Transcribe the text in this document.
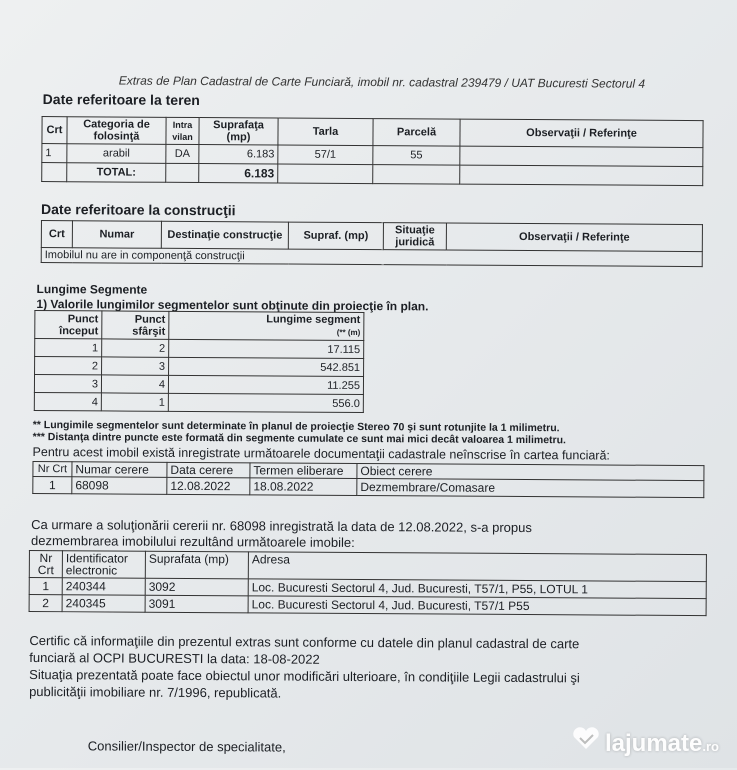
Extras de Plan Cadastral de Carte Funciară, imobil nr. cadastral 239479 / UAT Bucuresti Sectorul 4
Date referitoare la teren
Crt	Categoria de folosinţă	Intra vilan	Suprafaţa (mp)	Tarla	Parcelă	Observaţii / Referinţe
1	arabil	DA	6.183	57/1	55	
	TOTAL:		6.183			
Date referitoare la construcţii
Crt	Numar	Destinaţie construcţie	Supraf. (mp)	Situaţie juridică	Observaţii / Referinţe
Imobilul nu are in componenţă construcţii
Lungime Segmente
1) Valorile lungimilor segmentelor sunt obţinute din proiecţie în plan.
Punct început	Punct sfârşit	Lungime segment
(** (m)
1	2	17.115
2	3	542.851
3	4	11.255
4	1	556.0
** Lungimile segmentelor sunt determinate în planul de proiecţie Stereo 70 şi sunt rotunjite la 1 milimetru.
*** Distanţa dintre puncte este formată din segmente cumulate ce sunt mai mici decât valoarea 1 milimetru.
Pentru acest imobil există inregistrate următoarele documentaţii cadastrale neînscrise în cartea funciară:
Nr Crt	Numar cerere	Data cerere	Termen eliberare	Obiect cerere
1	68098	12.08.2022	18.08.2022	Dezmembrare/Comasare
Ca urmare a soluţionării cererii nr. 68098 inregistrată la data de 12.08.2022, s-a propus
dezmembrarea imobilului rezultând următoarele imobile:
Nr Crt	Identificator electronic	Suprafata (mp)	Adresa
1	240344	3092	Loc. Bucuresti Sectorul 4, Jud. Bucuresti, T57/1, P55, LOTUL 1
2	240345	3091	Loc. Bucuresti Sectorul 4, Jud. Bucuresti, T57/1 P55
Certific că informaţiile din prezentul extras sunt conforme cu datele din planul cadastral de carte
funciară al OCPI BUCURESTI la data: 18-08-2022
Situaţia prezentată poate face obiectul unor modificări ulterioare, în condiţiile Legii cadastrului şi
publicităţii imobiliare nr. 7/1996, republicată.
Consilier/Inspector de specialitate,	lajumate.ro
